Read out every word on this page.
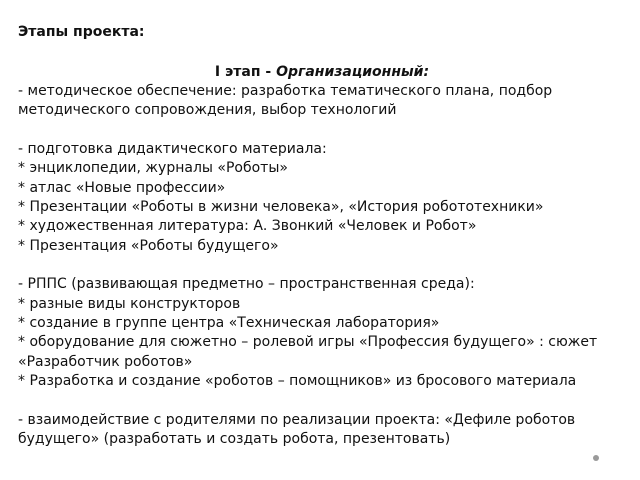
Этапы проекта:

I этап - Организационный:

- методическое обеспечение: разработка тематического плана, подбор методического сопровождения, выбор технологий

- подготовка дидактического материала:
* энциклопедии, журналы «Роботы»
* атлас «Новые профессии»
* Презентации «Роботы в жизни человека», «История робототехники»
* художественная литература: А. Звонкий «Человек и Робот»
* Презентация «Роботы будущего»

- РППС (развивающая предметно – пространственная среда):
* разные виды конструкторов
* создание в группе центра «Техническая лаборатория»
* оборудование для сюжетно – ролевой игры «Профессия будущего» : сюжет «Разработчик роботов»
* Разработка и создание «роботов – помощников» из бросового материала

- взаимодействие с родителями по реализации проекта: «Дефиле роботов будущего» (разработать и создать робота, презентовать)
